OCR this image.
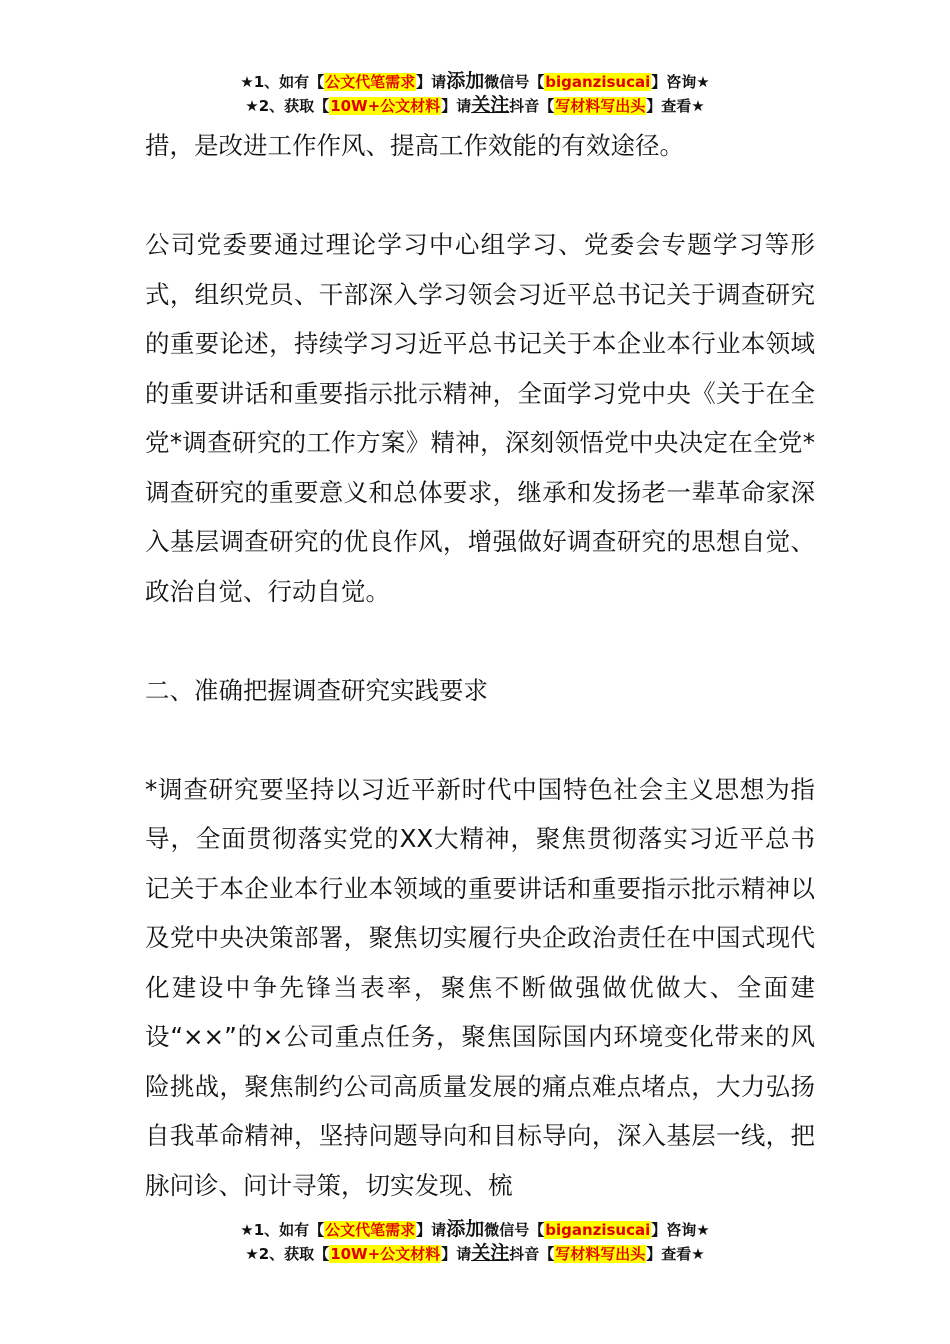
★1、如有【公文代笔需求】请添加微信号【biganzisucai】咨询★
★2、获取【10W+公文材料】请关注抖音【写材料写出头】查看★

措，是改进工作作风、提高工作效能的有效途径。

公司党委要通过理论学习中心组学习、党委会专题学习等形式，组织党员、干部深入学习领会习近平总书记关于调查研究的重要论述，持续学习习近平总书记关于本企业本行业本领域的重要讲话和重要指示批示精神，全面学习党中央《关于在全党*调查研究的工作方案》精神，深刻领悟党中央决定在全党*调查研究的重要意义和总体要求，继承和发扬老一辈革命家深入基层调查研究的优良作风，增强做好调查研究的思想自觉、政治自觉、行动自觉。

二、准确把握调查研究实践要求

*调查研究要坚持以习近平新时代中国特色社会主义思想为指导，全面贯彻落实党的XX大精神，聚焦贯彻落实习近平总书记关于本企业本行业本领域的重要讲话和重要指示批示精神以及党中央决策部署，聚焦切实履行央企政治责任在中国式现代化建设中争先锋当表率，聚焦不断做强做优做大、全面建设“××”的×公司重点任务，聚焦国际国内环境变化带来的风险挑战，聚焦制约公司高质量发展的痛点难点堵点，大力弘扬自我革命精神，坚持问题导向和目标导向，深入基层一线，把脉问诊、问计寻策，切实发现、梳

★1、如有【公文代笔需求】请添加微信号【biganzisucai】咨询★
★2、获取【10W+公文材料】请关注抖音【写材料写出头】查看★
